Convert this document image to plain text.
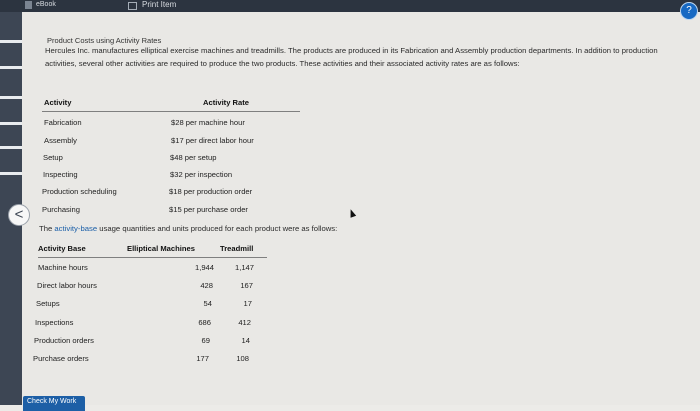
eBook	Print Item
Product Costs using Activity Rates
Hercules Inc. manufactures elliptical exercise machines and treadmills. The products are produced in its Fabrication and Assembly production departments. In addition to production activities, several other activities are required to produce the two products. These activities and their associated activity rates are as follows:
Activity	Activity Rate
Fabrication	$28 per machine hour
Assembly	$17 per direct labor hour
Setup	$48 per setup
Inspecting	$32 per inspection
Production scheduling	$18 per production order
Purchasing	$15 per purchase order
The activity-base usage quantities and units produced for each product were as follows:
Activity Base	Elliptical Machines	Treadmill
Machine hours	1,944	1,147
Direct labor hours	428	167
Setups	54	17
Inspections	686	412
Production orders	69	14
Purchase orders	177	108
<
?
Check My Work
